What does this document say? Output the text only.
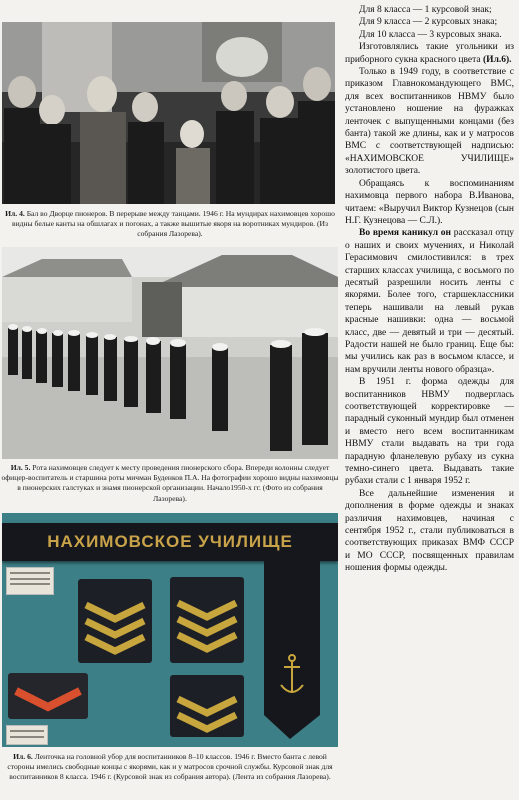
Ил. 4. Бал во Дворце пионеров. В перерыве между танцами. 1946 г. На мундирах нахимовцев хорошо видны белые канты на обшлагах и погонах, а также вышитые якоря на воротниках мундиров. (Из собрания Лазорева).
Ил. 5. Рота нахимовцев следует к месту проведения пионерского сбора. Впереди колонны следует офицер-воспитатель и старшина роты мичман Буденков П.А. На фотографии хорошо видны нахимовцы в пионерских галстуках и знамя пионерской организации. Начало1950-х гг. (Фото из собрания Лазорева).
НАХИМОВСКОЕ УЧИЛИЩЕ
Ил. 6. Ленточка на головной убор для воспитанников 8–10 классов. 1946 г. Вместо банта с левой стороны имелись свободные концы с якорями, как и у матросов срочной службы. Курсовой знак для воспитанников 8 класса. 1946 г. (Курсовой знак из собрания автора). (Лента из собрания Лазорева).

Для 8 класса — 1 курсовой знак;

Для 9 класса — 2 курсовых знака;

Для 10 класса — 3 курсовых знака.

Изготовлялись такие угольники из приборного сукна красного цвета (Ил.6).

Только в 1949 году, в соответствие с приказом Главнокомандующего ВМС, для всех воспитанников НВМУ было установлено ношение на фуражках ленточек с выпущенными концами (без банта) такой же длины, как и у матросов ВМС с соответствующей надписью: «НАХИМОВСКОЕ УЧИЛИЩЕ» золотистого цвета.

Обращаясь к воспоминаниям нахимовца первого набора В.Иванова, читаем: «Выручил Виктор Кузнецов (сын Н.Г. Кузнецова — С.Л.).

Во время каникул он рассказал отцу о наших и своих мучениях, и Николай Герасимович смилостивился: в трех старших классах училища, с восьмого по десятый разрешили носить ленты с якорями. Более того, старшеклассники теперь нашивали на левый рукав красные нашивки: одна — восьмой класс, две — девятый и три — десятый. Радости нашей не было границ. Еще бы: мы учились как раз в восьмом классе, и нам вручили ленты нового образца».

В 1951 г. форма одежды для воспитанников НВМУ подверглась соответствующей корректировке — парадный суконный мундир был отменен и вместо него всем воспитанникам НВМУ стали выдавать на три года парадную фланелевую рубаху из сукна темно-синего цвета. Выдавать такие рубахи стали с 1 января 1952 г.

Все дальнейшие изменения и дополнения в форме одежды и знаках различия нахимовцев, начиная с сентября 1952 г., стали публиковаться в соответствующих приказах ВМФ СССР и МО СССР, посвященных правилам ношения формы одежды.
